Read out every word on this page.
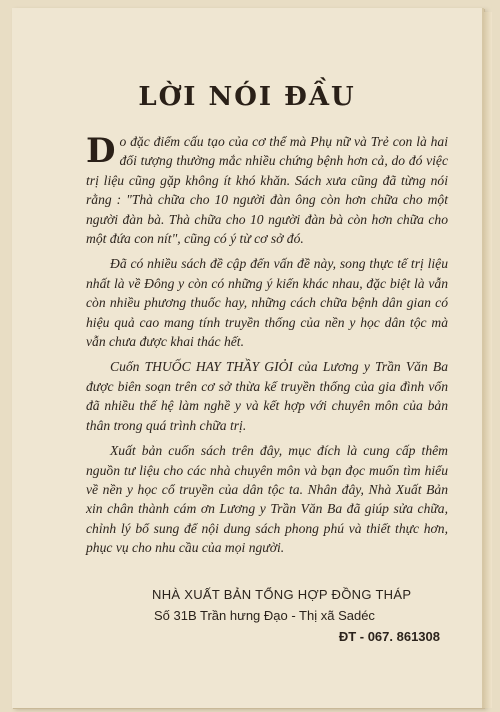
LỜI NÓI ĐẦU

Do đặc điểm cấu tạo của cơ thể mà Phụ nữ và Trẻ con là hai đối tượng thường mắc nhiều chứng bệnh hơn cả, do đó việc trị liệu cũng gặp không ít khó khăn. Sách xưa cũng đã từng nói rằng : "Thà chữa cho 10 người đàn ông còn hơn chữa cho một người đàn bà. Thà chữa cho 10 người đàn bà còn hơn chữa cho một đứa con nít", cũng có ý từ cơ sở đó.

Đã có nhiều sách đề cập đến vấn đề này, song thực tế trị liệu nhất là về Đông y còn có những ý kiến khác nhau, đặc biệt là vẫn còn nhiều phương thuốc hay, những cách chữa bệnh dân gian có hiệu quả cao mang tính truyền thống của nền y học dân tộc mà vẫn chưa được khai thác hết.

Cuốn THUỐC HAY THẦY GIỎI của Lương y Trần Văn Ba được biên soạn trên cơ sở thừa kế truyền thống của gia đình vốn đã nhiều thế hệ làm nghề y và kết hợp với chuyên môn của bản thân trong quá trình chữa trị.

Xuất bản cuốn sách trên đây, mục đích là cung cấp thêm nguồn tư liệu cho các nhà chuyên môn và bạn đọc muốn tìm hiểu về nền y học cổ truyền của dân tộc ta. Nhân đây, Nhà Xuất Bản xin chân thành cám ơn Lương y Trần Văn Ba đã giúp sửa chữa, chỉnh lý bổ sung để nội dung sách phong phú và thiết thực hơn, phục vụ cho nhu cầu của mọi người.

NHÀ XUẤT BẢN TỔNG HỢP ĐỒNG THÁP
Số 31B Trần hưng Đạo - Thị xã Sadéc
ĐT - 067. 861308
